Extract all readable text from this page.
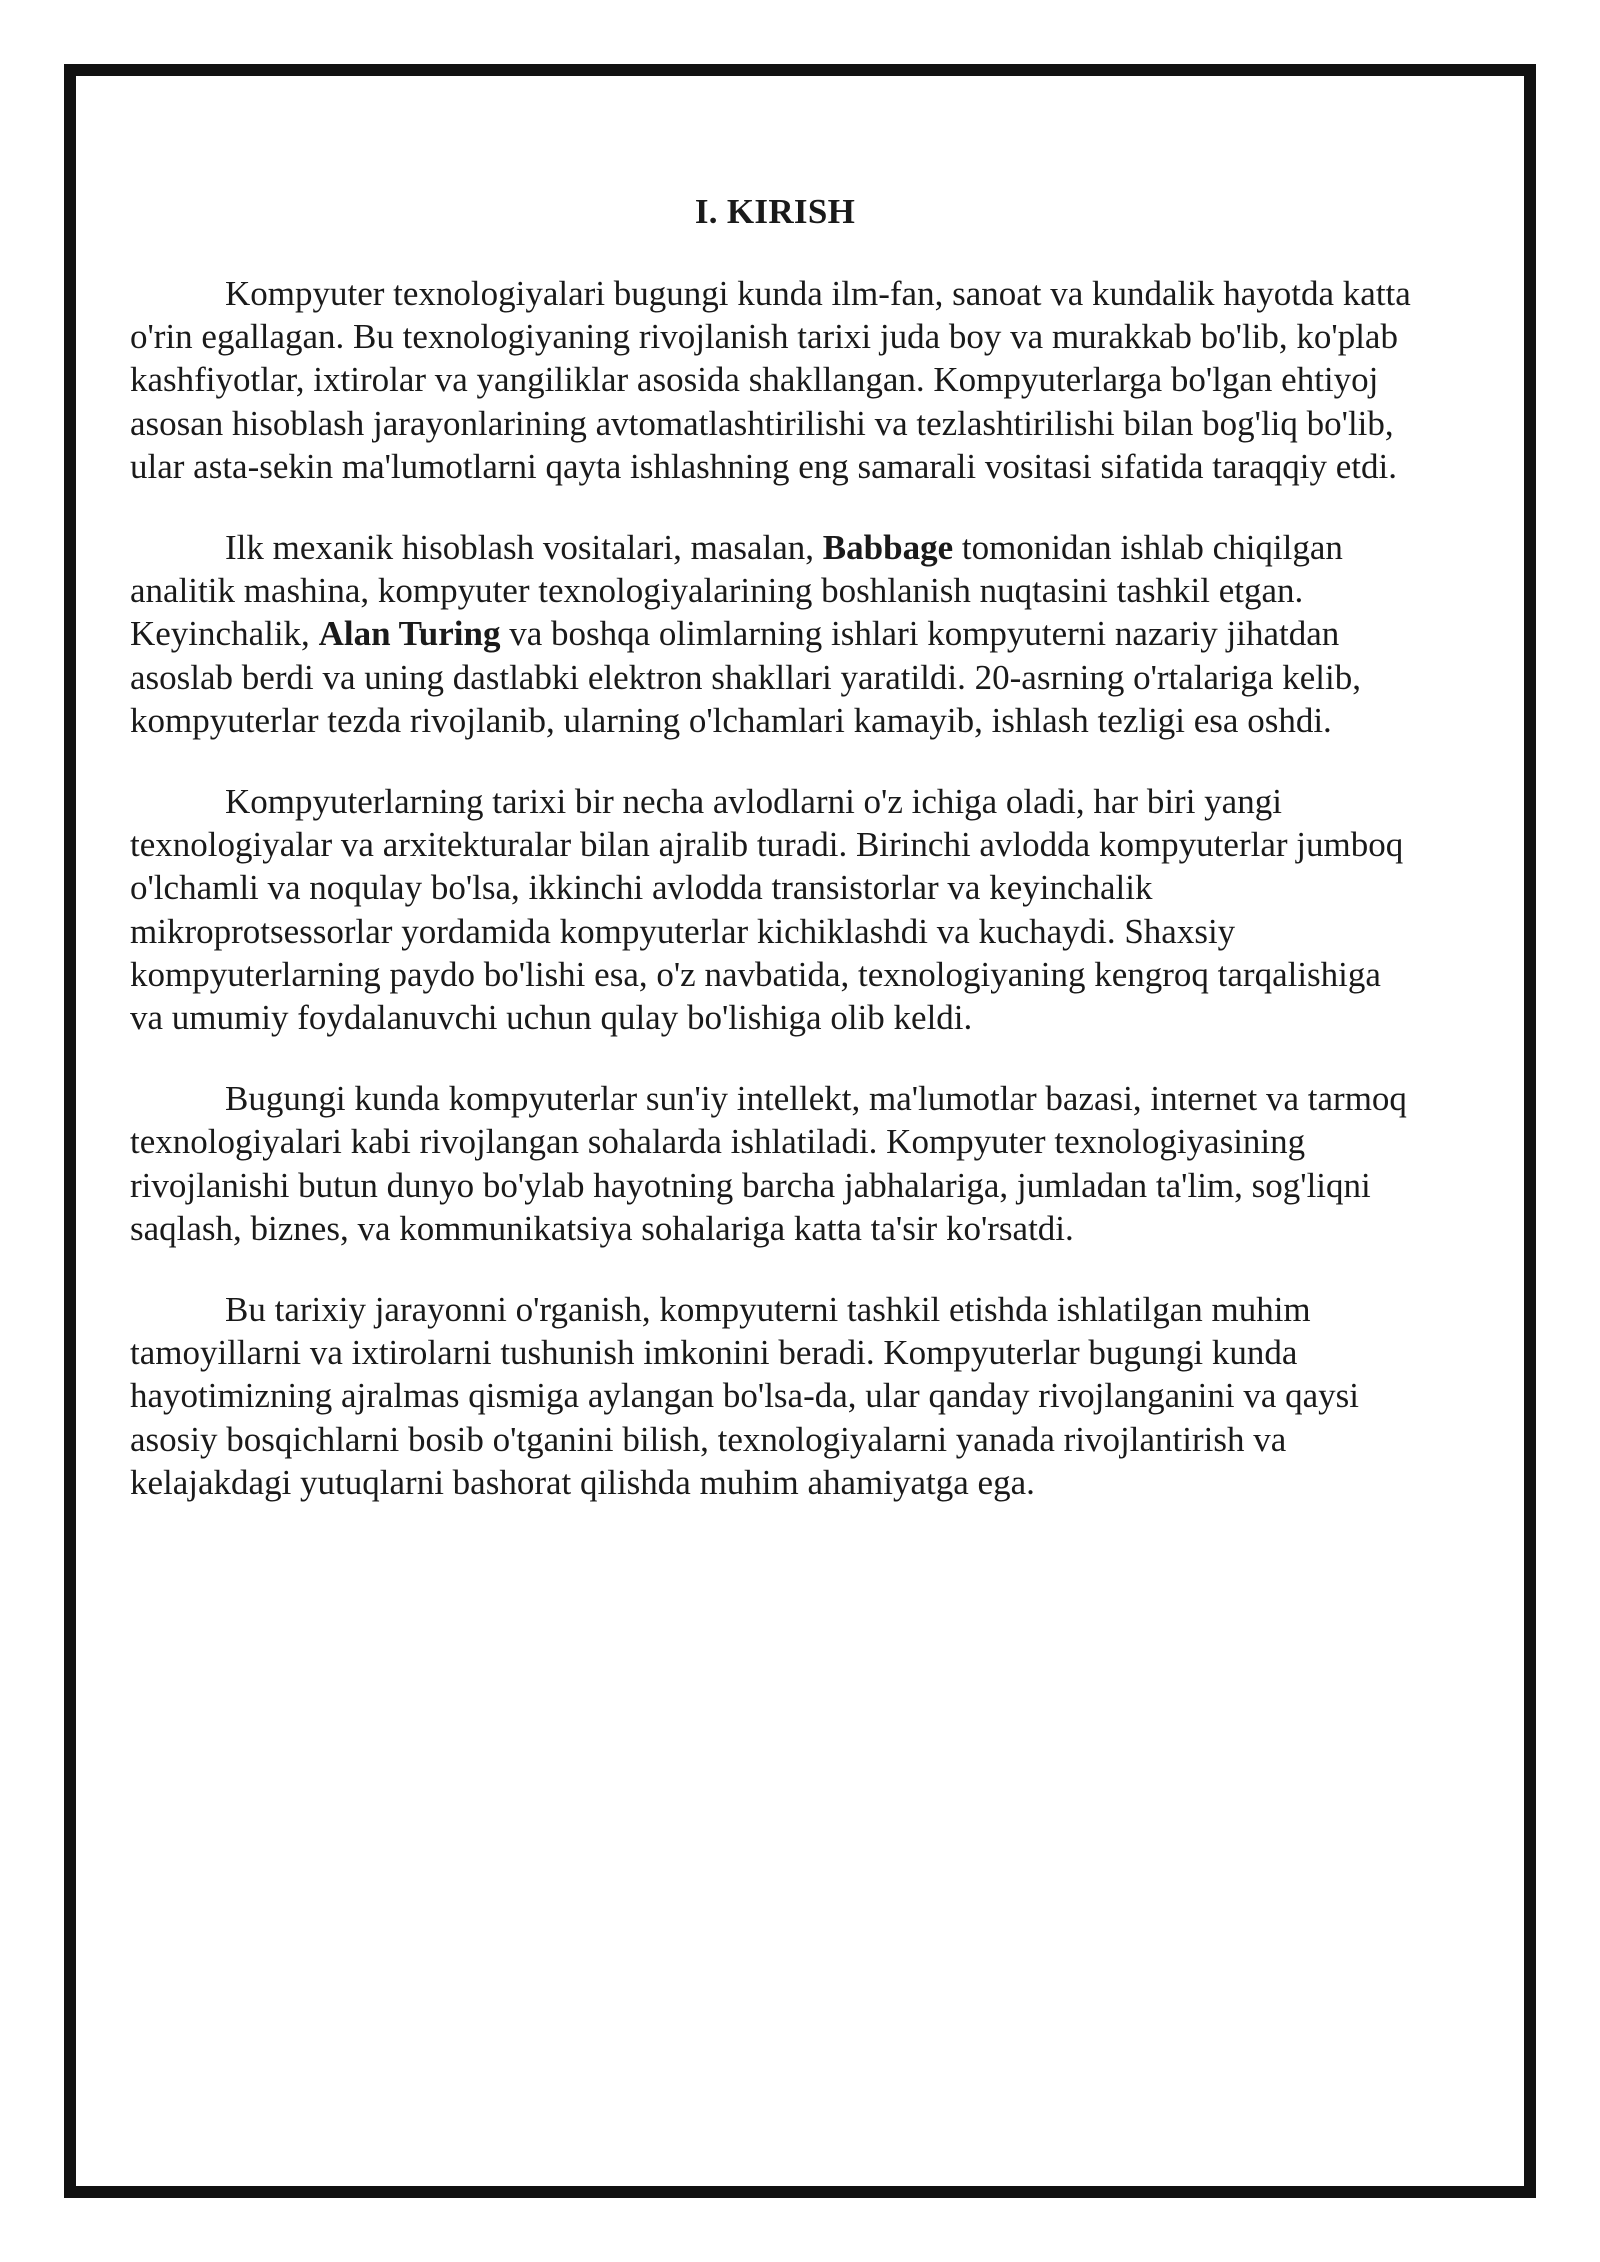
I. KIRISH

Kompyuter texnologiyalari bugungi kunda ilm-fan, sanoat va kundalik hayotda katta o'rin egallagan. Bu texnologiyaning rivojlanish tarixi juda boy va murakkab bo'lib, ko'plab kashfiyotlar, ixtirolar va yangiliklar asosida shakllangan. Kompyuterlarga bo'lgan ehtiyoj asosan hisoblash jarayonlarining avtomatlashtirilishi va tezlashtirilishi bilan bog'liq bo'lib, ular asta-sekin ma'lumotlarni qayta ishlashning eng samarali vositasi sifatida taraqqiy etdi.

Ilk mexanik hisoblash vositalari, masalan, Babbage tomonidan ishlab chiqilgan analitik mashina, kompyuter texnologiyalarining boshlanish nuqtasini tashkil etgan. Keyinchalik, Alan Turing va boshqa olimlarning ishlari kompyuterni nazariy jihatdan asoslab berdi va uning dastlabki elektron shakllari yaratildi. 20-asrning o'rtalariga kelib, kompyuterlar tezda rivojlanib, ularning o'lchamlari kamayib, ishlash tezligi esa oshdi.

Kompyuterlarning tarixi bir necha avlodlarni o'z ichiga oladi, har biri yangi texnologiyalar va arxitekturalar bilan ajralib turadi. Birinchi avlodda kompyuterlar jumboq o'lchamli va noqulay bo'lsa, ikkinchi avlodda transistorlar va keyinchalik mikroprotsessorlar yordamida kompyuterlar kichiklashdi va kuchaydi. Shaxsiy kompyuterlarning paydo bo'lishi esa, o'z navbatida, texnologiyaning kengroq tarqalishiga va umumiy foydalanuvchi uchun qulay bo'lishiga olib keldi.

Bugungi kunda kompyuterlar sun'iy intellekt, ma'lumotlar bazasi, internet va tarmoq texnologiyalari kabi rivojlangan sohalarda ishlatiladi. Kompyuter texnologiyasining rivojlanishi butun dunyo bo'ylab hayotning barcha jabhalariga, jumladan ta'lim, sog'liqni saqlash, biznes, va kommunikatsiya sohalariga katta ta'sir ko'rsatdi.

Bu tarixiy jarayonni o'rganish, kompyuterni tashkil etishda ishlatilgan muhim tamoyillarni va ixtirolarni tushunish imkonini beradi. Kompyuterlar bugungi kunda hayotimizning ajralmas qismiga aylangan bo'lsa-da, ular qanday rivojlanganini va qaysi asosiy bosqichlarni bosib o'tganini bilish, texnologiyalarni yanada rivojlantirish va kelajakdagi yutuqlarni bashorat qilishda muhim ahamiyatga ega.
